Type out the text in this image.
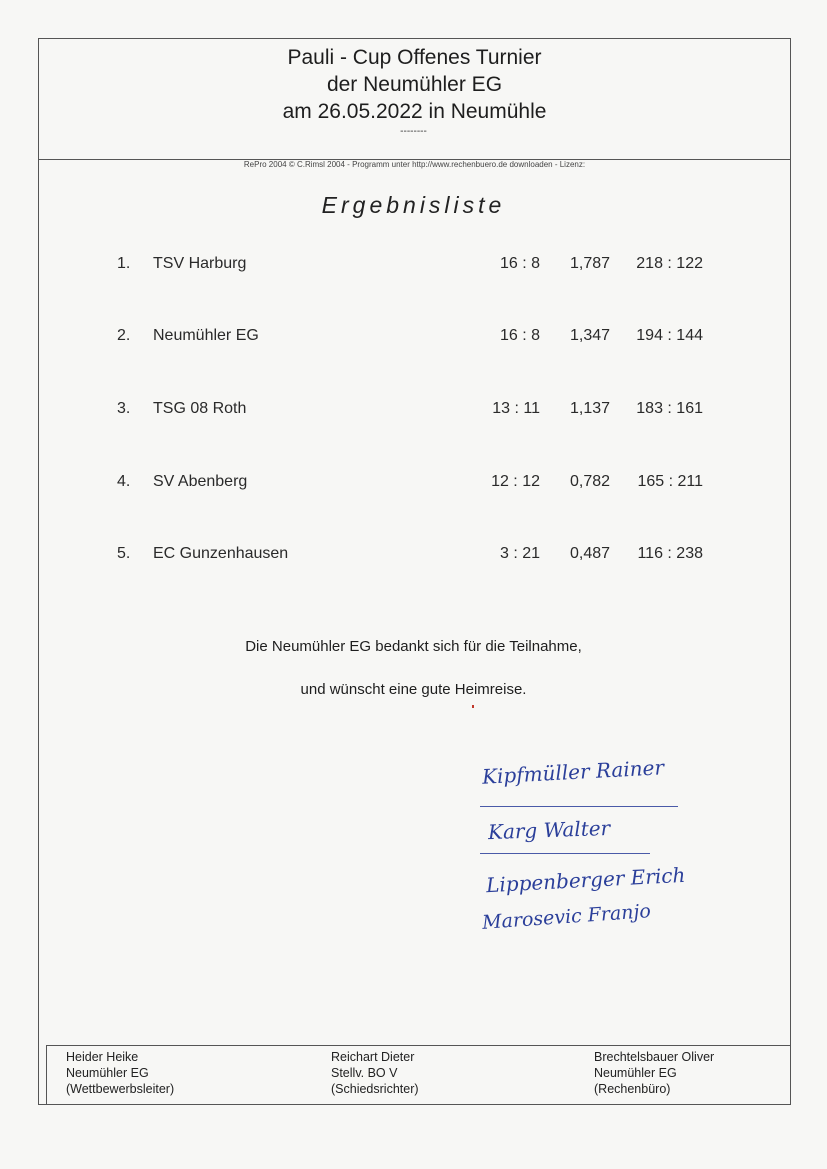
Pauli - Cup Offenes Turnier
der Neumühler EG
am 26.05.2022 in Neumühle
--------
RePro 2004 © C.Rimsl 2004 - Programm unter http://www.rechenbuero.de downloaden - Lizenz:
Ergebnisliste
1. TSV Harburg	16 : 8 1,787 218 : 122
2. Neumühler EG	16 : 8 1,347 194 : 144
3. TSG 08 Roth	13 : 11 1,137 183 : 161
4. SV Abenberg	12 : 12 0,782 165 : 211
5. EC Gunzenhausen	3 : 21 0,487 116 : 238
Die Neumühler EG bedankt sich für die Teilnahme,
und wünscht eine gute Heimreise.
Kipfmüller Rainer
Karg Walter
Lippenberger Erich
Marosevic Franjo
Heider Heike
Neumühler EG
(Wettbewerbsleiter)
Reichart Dieter
Stellv. BO V
(Schiedsrichter)
Brechtelsbauer Oliver
Neumühler EG
(Rechenbüro)
